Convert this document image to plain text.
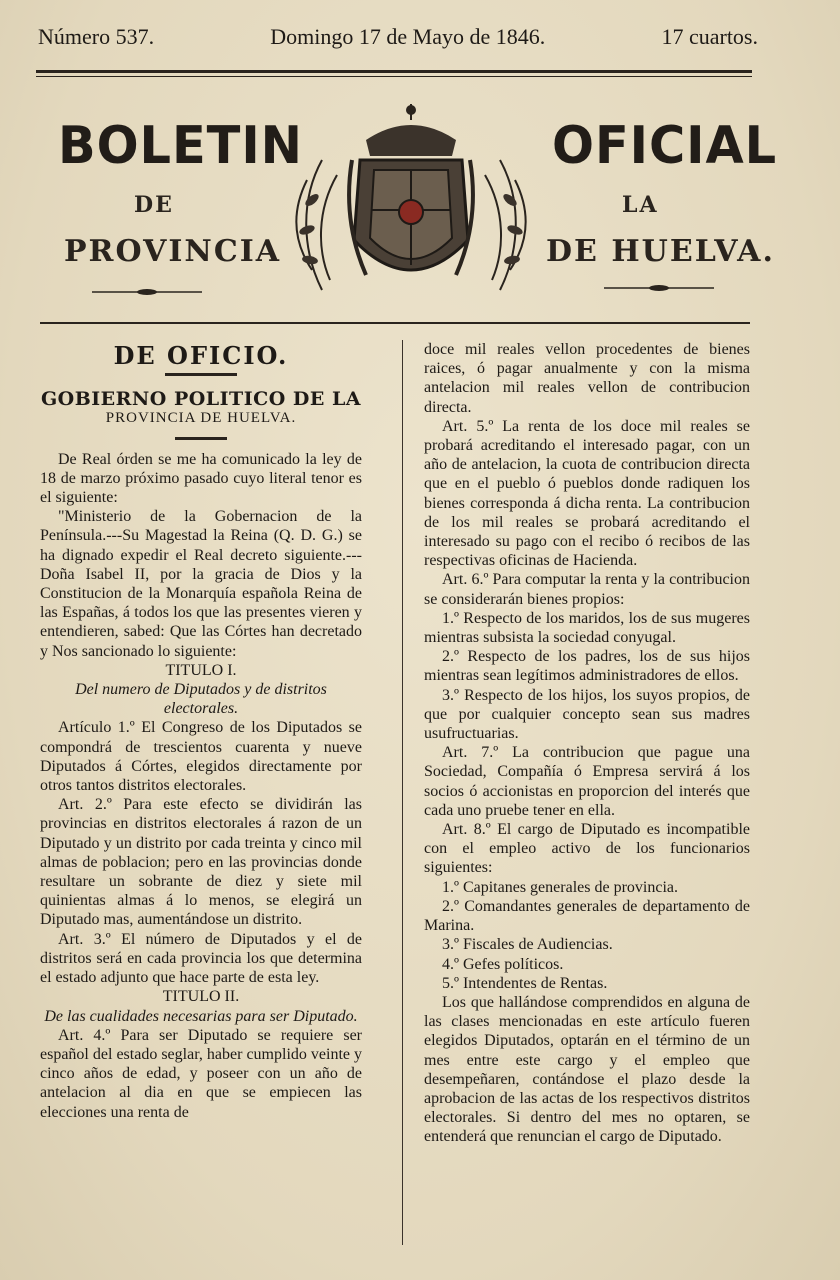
Número 537.	Domingo 17 de Mayo de 1846.	17 cuartos.
BOLETIN	OFICIAL
DE	LA
PROVINCIA	DE HUELVA.
DE OFICIO.
GOBIERNO POLITICO DE LA
PROVINCIA DE HUELVA.

De Real órden se me ha comunicado la ley de 18 de marzo próximo pasado cuyo literal tenor es el siguiente:

"Ministerio de la Gobernacion de la Península.---Su Magestad la Reina (Q. D. G.) se ha dignado expedir el Real decreto siguiente.---Doña Isabel II, por la gracia de Dios y la Constitucion de la Monarquía española Reina de las Españas, á todos los que las presentes vieren y entendieren, sabed: Que las Córtes han decretado y Nos sancionado lo siguiente:

TITULO I.

Del numero de Diputados y de distritos electorales.

Artículo 1.º El Congreso de los Diputados se compondrá de trescientos cuarenta y nueve Diputados á Córtes, elegidos directamente por otros tantos distritos electorales.

Art. 2.º Para este efecto se dividirán las provincias en distritos electorales á razon de un Diputado y un distrito por cada treinta y cinco mil almas de poblacion; pero en las provincias donde resultare un sobrante de diez y siete mil quinientas almas á lo menos, se elegirá un Diputado mas, aumentándose un distrito.

Art. 3.º El número de Diputados y el de distritos será en cada provincia los que determina el estado adjunto que hace parte de esta ley.

TITULO II.

De las cualidades necesarias para ser Diputado.

Art. 4.º Para ser Diputado se requiere ser español del estado seglar, haber cumplido veinte y cinco años de edad, y poseer con un año de antelacion al dia en que se empiecen las elecciones una renta de

doce mil reales vellon procedentes de bienes raices, ó pagar anualmente y con la misma antelacion mil reales vellon de contribucion directa.

Art. 5.º La renta de los doce mil reales se probará acreditando el interesado pagar, con un año de antelacion, la cuota de contribucion directa que en el pueblo ó pueblos donde radiquen los bienes corresponda á dicha renta. La contribucion de los mil reales se probará acreditando el interesado su pago con el recibo ó recibos de las respectivas oficinas de Hacienda.

Art. 6.º Para computar la renta y la contribucion se considerarán bienes propios:

1.º Respecto de los maridos, los de sus mugeres mientras subsista la sociedad conyugal.

2.º Respecto de los padres, los de sus hijos mientras sean legítimos administradores de ellos.

3.º Respecto de los hijos, los suyos propios, de que por cualquier concepto sean sus madres usufructuarias.

Art. 7.º La contribucion que pague una Sociedad, Compañía ó Empresa servirá á los socios ó accionistas en proporcion del interés que cada uno pruebe tener en ella.

Art. 8.º El cargo de Diputado es incompatible con el empleo activo de los funcionarios siguientes:

1.º Capitanes generales de provincia.

2.º Comandantes generales de departamento de Marina.

3.º Fiscales de Audiencias.

4.º Gefes políticos.

5.º Intendentes de Rentas.

Los que hallándose comprendidos en alguna de las clases mencionadas en este artículo fueren elegidos Diputados, optarán en el término de un mes entre este cargo y el empleo que desempeñaren, contándose el plazo desde la aprobacion de las actas de los respectivos distritos electorales. Si dentro del mes no optaren, se entenderá que renuncian el cargo de Diputado.
